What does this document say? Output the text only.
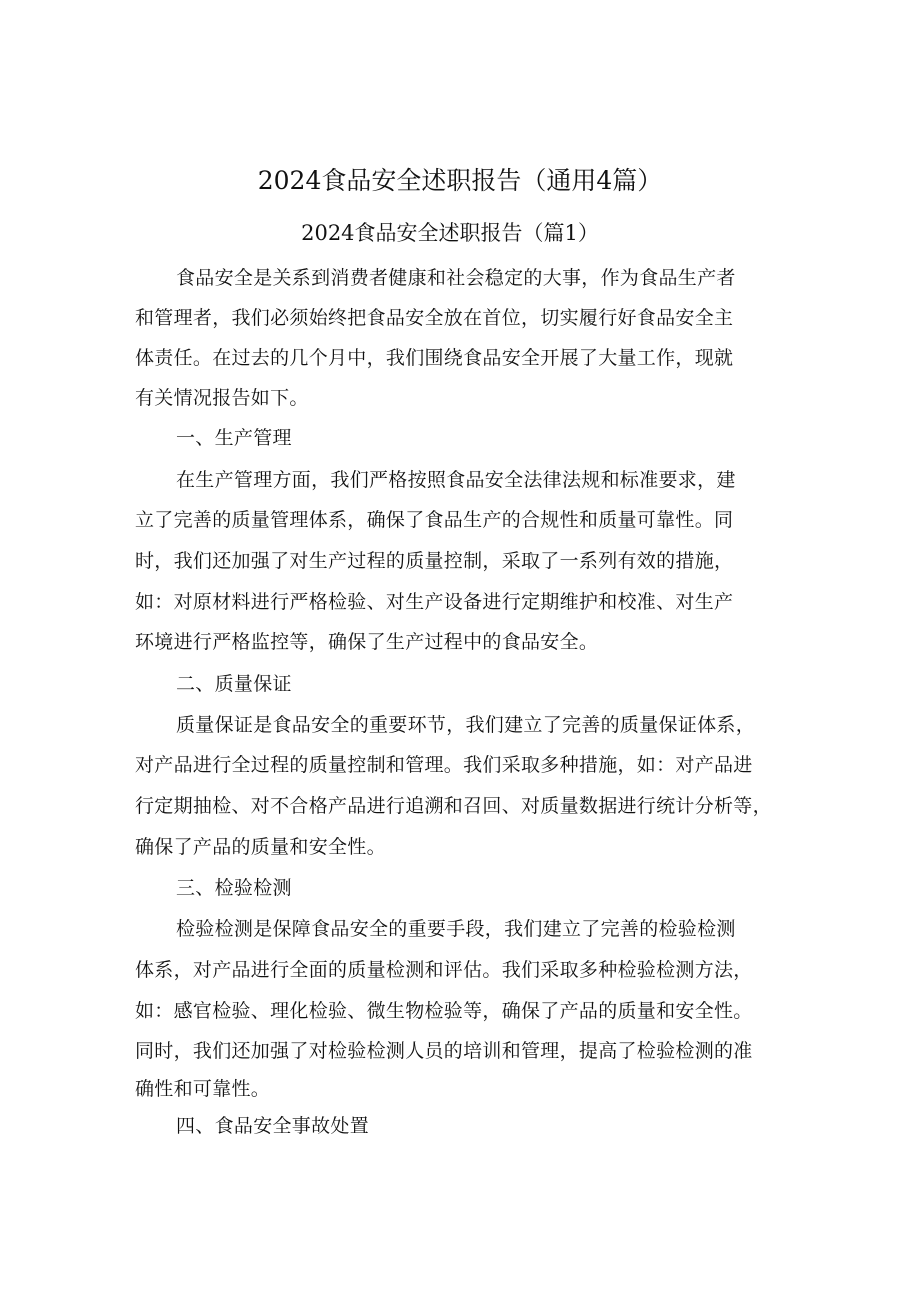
2024食品安全述职报告（通用4篇）
2024食品安全述职报告（篇1）
食品安全是关系到消费者健康和社会稳定的大事，作为食品生产者
和管理者，我们必须始终把食品安全放在首位，切实履行好食品安全主
体责任。在过去的几个月中，我们围绕食品安全开展了大量工作，现就
有关情况报告如下。
一、生产管理
在生产管理方面，我们严格按照食品安全法律法规和标准要求，建
立了完善的质量管理体系，确保了食品生产的合规性和质量可靠性。同
时，我们还加强了对生产过程的质量控制，采取了一系列有效的措施，
如：对原材料进行严格检验、对生产设备进行定期维护和校准、对生产
环境进行严格监控等，确保了生产过程中的食品安全。
二、质量保证
质量保证是食品安全的重要环节，我们建立了完善的质量保证体系，
对产品进行全过程的质量控制和管理。我们采取多种措施，如：对产品进
行定期抽检、对不合格产品进行追溯和召回、对质量数据进行统计分析等，
确保了产品的质量和安全性。
三、检验检测
检验检测是保障食品安全的重要手段，我们建立了完善的检验检测
体系，对产品进行全面的质量检测和评估。我们采取多种检验检测方法，
如：感官检验、理化检验、微生物检验等，确保了产品的质量和安全性。
同时，我们还加强了对检验检测人员的培训和管理，提高了检验检测的准
确性和可靠性。
四、食品安全事故处置
